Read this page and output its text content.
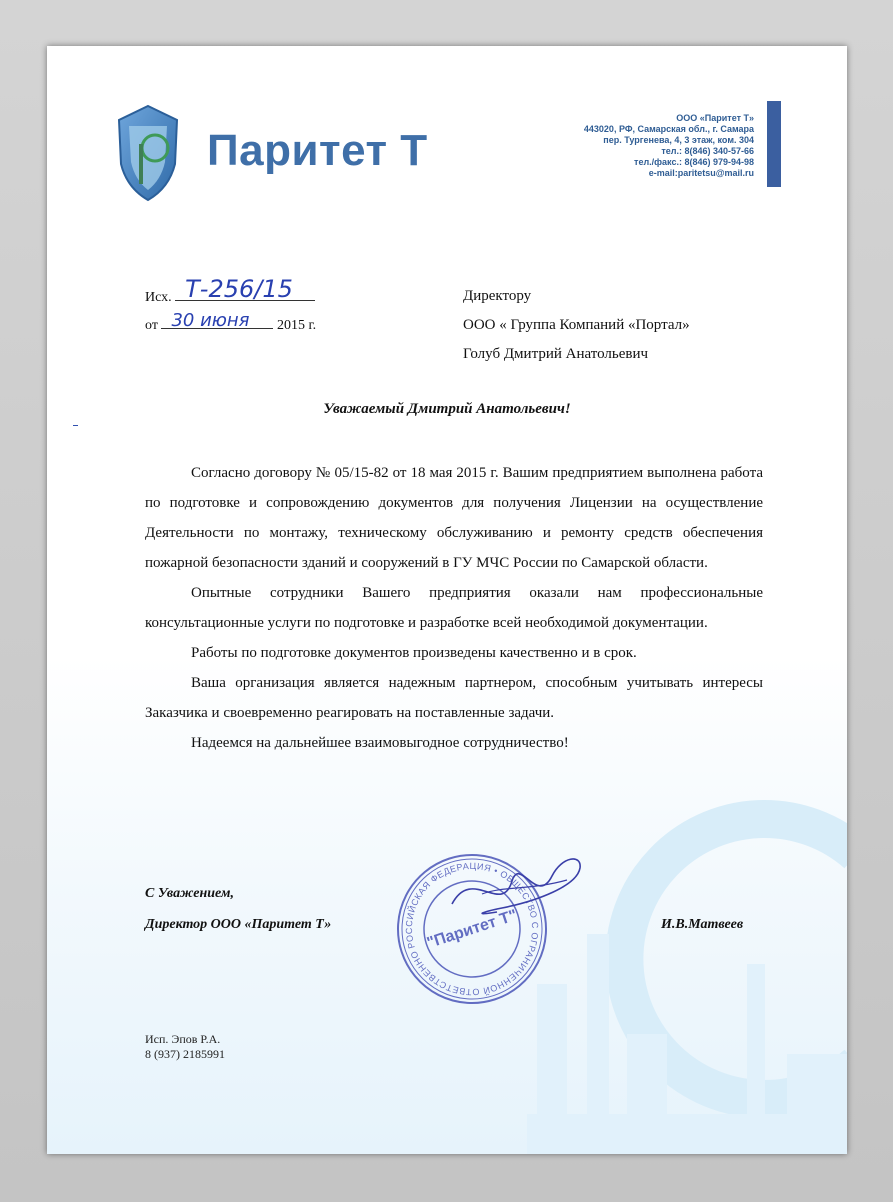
Паритет Т
ООО «Паритет Т»
443020, РФ, Самарская обл., г. Самара
пер. Тургенева, 4, 3 этаж, ком. 304
тел.: 8(846) 340-57-66
тел./факс.: 8(846) 979-94-98
e-mail:paritetsu@mail.ru
Исх. Т-256/15
от 30 июня 2015 г.
Директору
ООО « Группа Компаний «Портал»
Голуб Дмитрий Анатольевич
Уважаемый Дмитрий Анатольевич!

Согласно договору № 05/15-82 от 18 мая 2015 г. Вашим предприятием выполнена работа по подготовке и сопровождению документов для получения Лицензии на осуществление Деятельности по монтажу, техническому обслуживанию и ремонту средств обеспечения пожарной безопасности зданий и сооружений в ГУ МЧС России по Самарской области.

Опытные сотрудники Вашего предприятия оказали нам профессиональные консультационные услуги по подготовке и разработке всей необходимой документации.

Работы по подготовке документов произведены качественно и в срок.

Ваша организация является надежным партнером, способным учитывать интересы Заказчика и своевременно реагировать на поставленные задачи.

Надеемся на дальнейшее взаимовыгодное сотрудничество!

С Уважением,
Директор ООО «Паритет Т»	И.В.Матвеев
РОССИЙСКАЯ ФЕДЕРАЦИЯ • ОБЩЕСТВО С ОГРАНИЧЕННОЙ ОТВЕТСТВЕННОСТЬЮ
"Паритет Т"
Исп. Эпов Р.А.
8 (937) 2185991
